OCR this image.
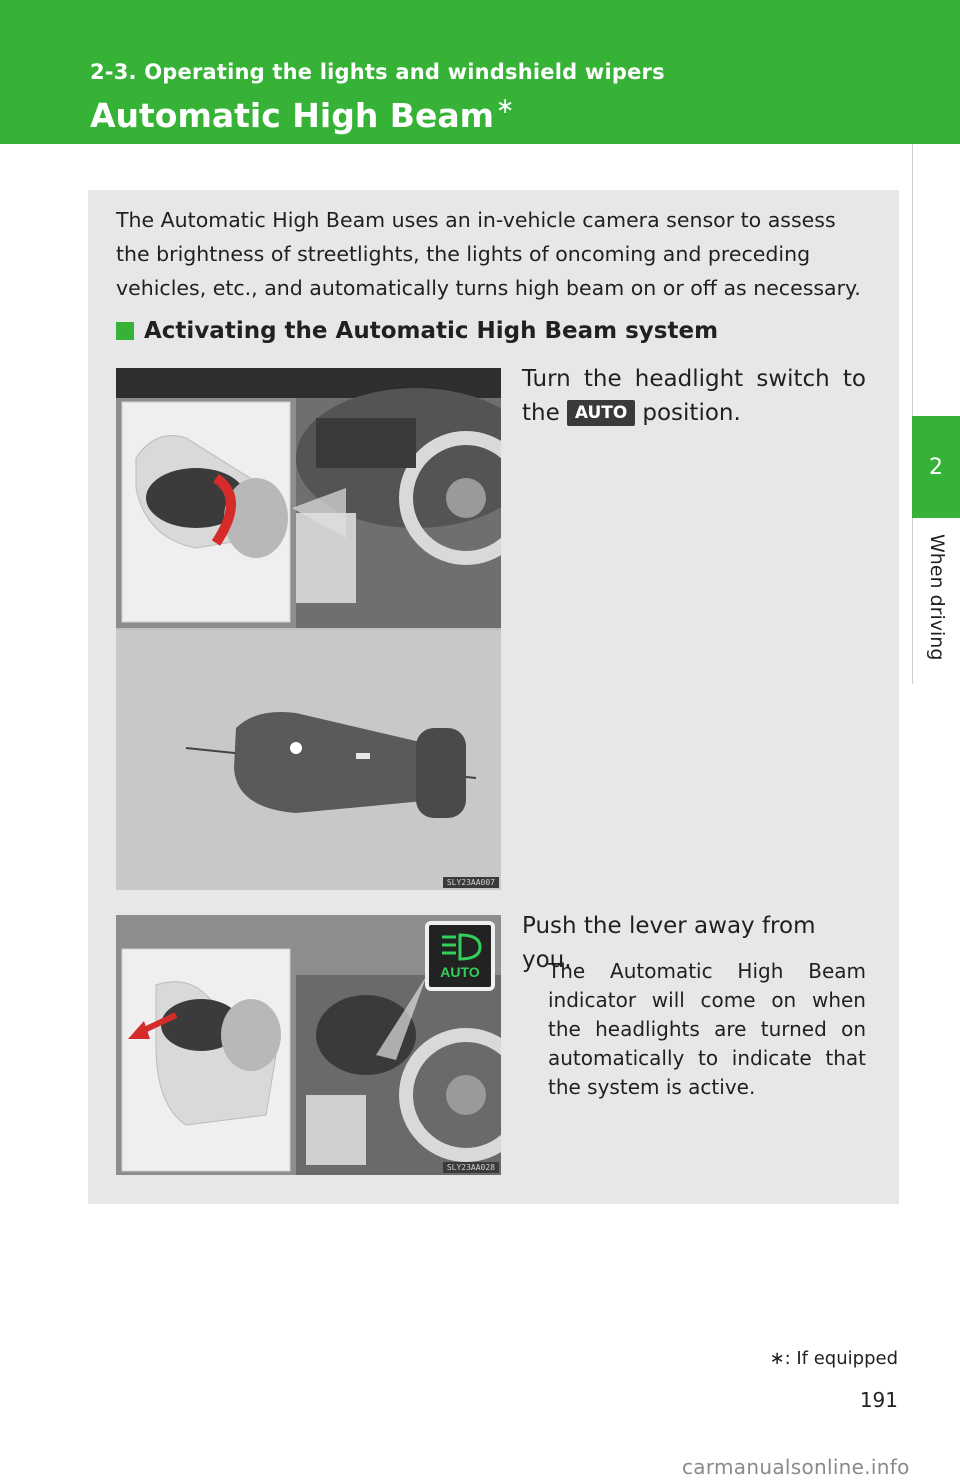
2-3. Operating the lights and windshield wipers
Automatic High Beam∗
2
When driving

The Automatic High Beam uses an in-vehicle camera sensor to assess the brightness of streetlights, the lights of oncoming and preceding vehicles, etc., and automatically turns high beam on or off as necessary.

Activating the Automatic High Beam system
SLY23AA007

Turn the headlight switch to the AUTO position.

AUTO
SLY23AA028

Push the lever away from you.

The Automatic High Beam indicator will come on when the headlights are turned on automatically to indicate that the system is active.

∗: If equipped
191
carmanualsonline.info
